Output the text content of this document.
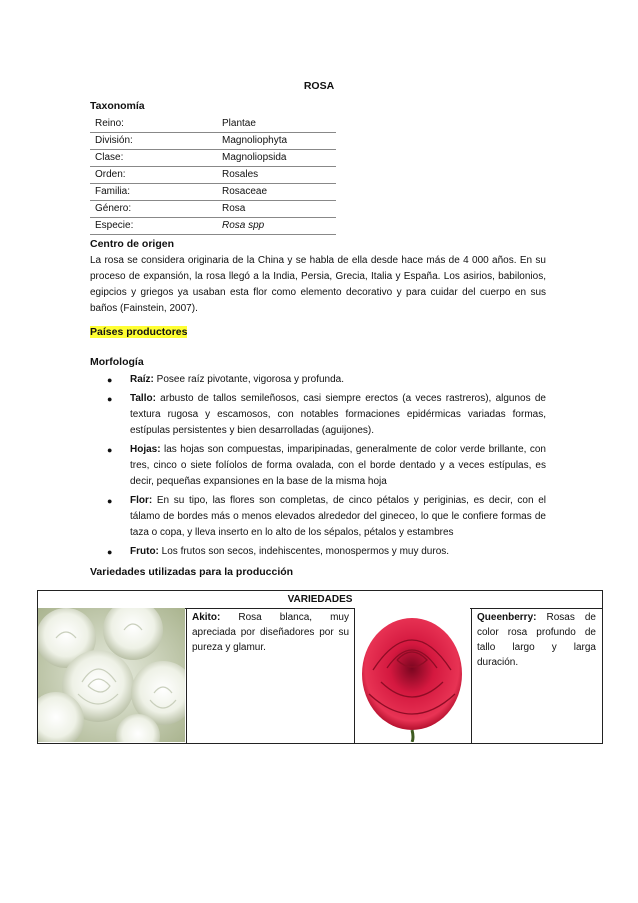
ROSA
Taxonomía
Reino:	Plantae
División:	Magnoliophyta
Clase:	Magnoliopsida
Orden:	Rosales
Familia:	Rosaceae
Género:	Rosa
Especie:	Rosa spp
Centro de origen
La rosa se considera originaria de la China y se habla de ella desde hace más de 4 000 años. En su proceso de expansión, la rosa llegó a la India, Persia, Grecia, Italia y España. Los asirios, babilonios, egipcios y griegos ya usaban esta flor como elemento decorativo y para cuidar del cuerpo en sus baños (Fainstein, 2007).
Países productores
Morfología
● Raíz: Posee raíz pivotante, vigorosa y profunda.
● Tallo: arbusto de tallos semileñosos, casi siempre erectos (a veces rastreros), algunos de textura rugosa y escamosos, con notables formaciones epidérmicas variadas formas, estípulas persistentes y bien desarrolladas (aguijones).
● Hojas: las hojas son compuestas, imparipinadas, generalmente de color verde brillante, con tres, cinco o siete folíolos de forma ovalada, con el borde dentado y a veces estípulas, es decir, pequeñas expansiones en la base de la misma hoja
● Flor: En su tipo, las flores son completas, de cinco pétalos y periginias, es decir, con el tálamo de bordes más o menos elevados alrededor del gineceo, lo que le confiere formas de taza o copa, y lleva inserto en lo alto de los sépalos, pétalos y estambres
● Fruto: Los frutos son secos, indehiscentes, monospermos y muy duros.
Variedades utilizadas para la producción
VARIEDADES
Akito: Rosa blanca, muy apreciada por diseñadores por su pureza y glamur.
Queenberry: Rosas de color rosa profundo de tallo largo y larga duración.
